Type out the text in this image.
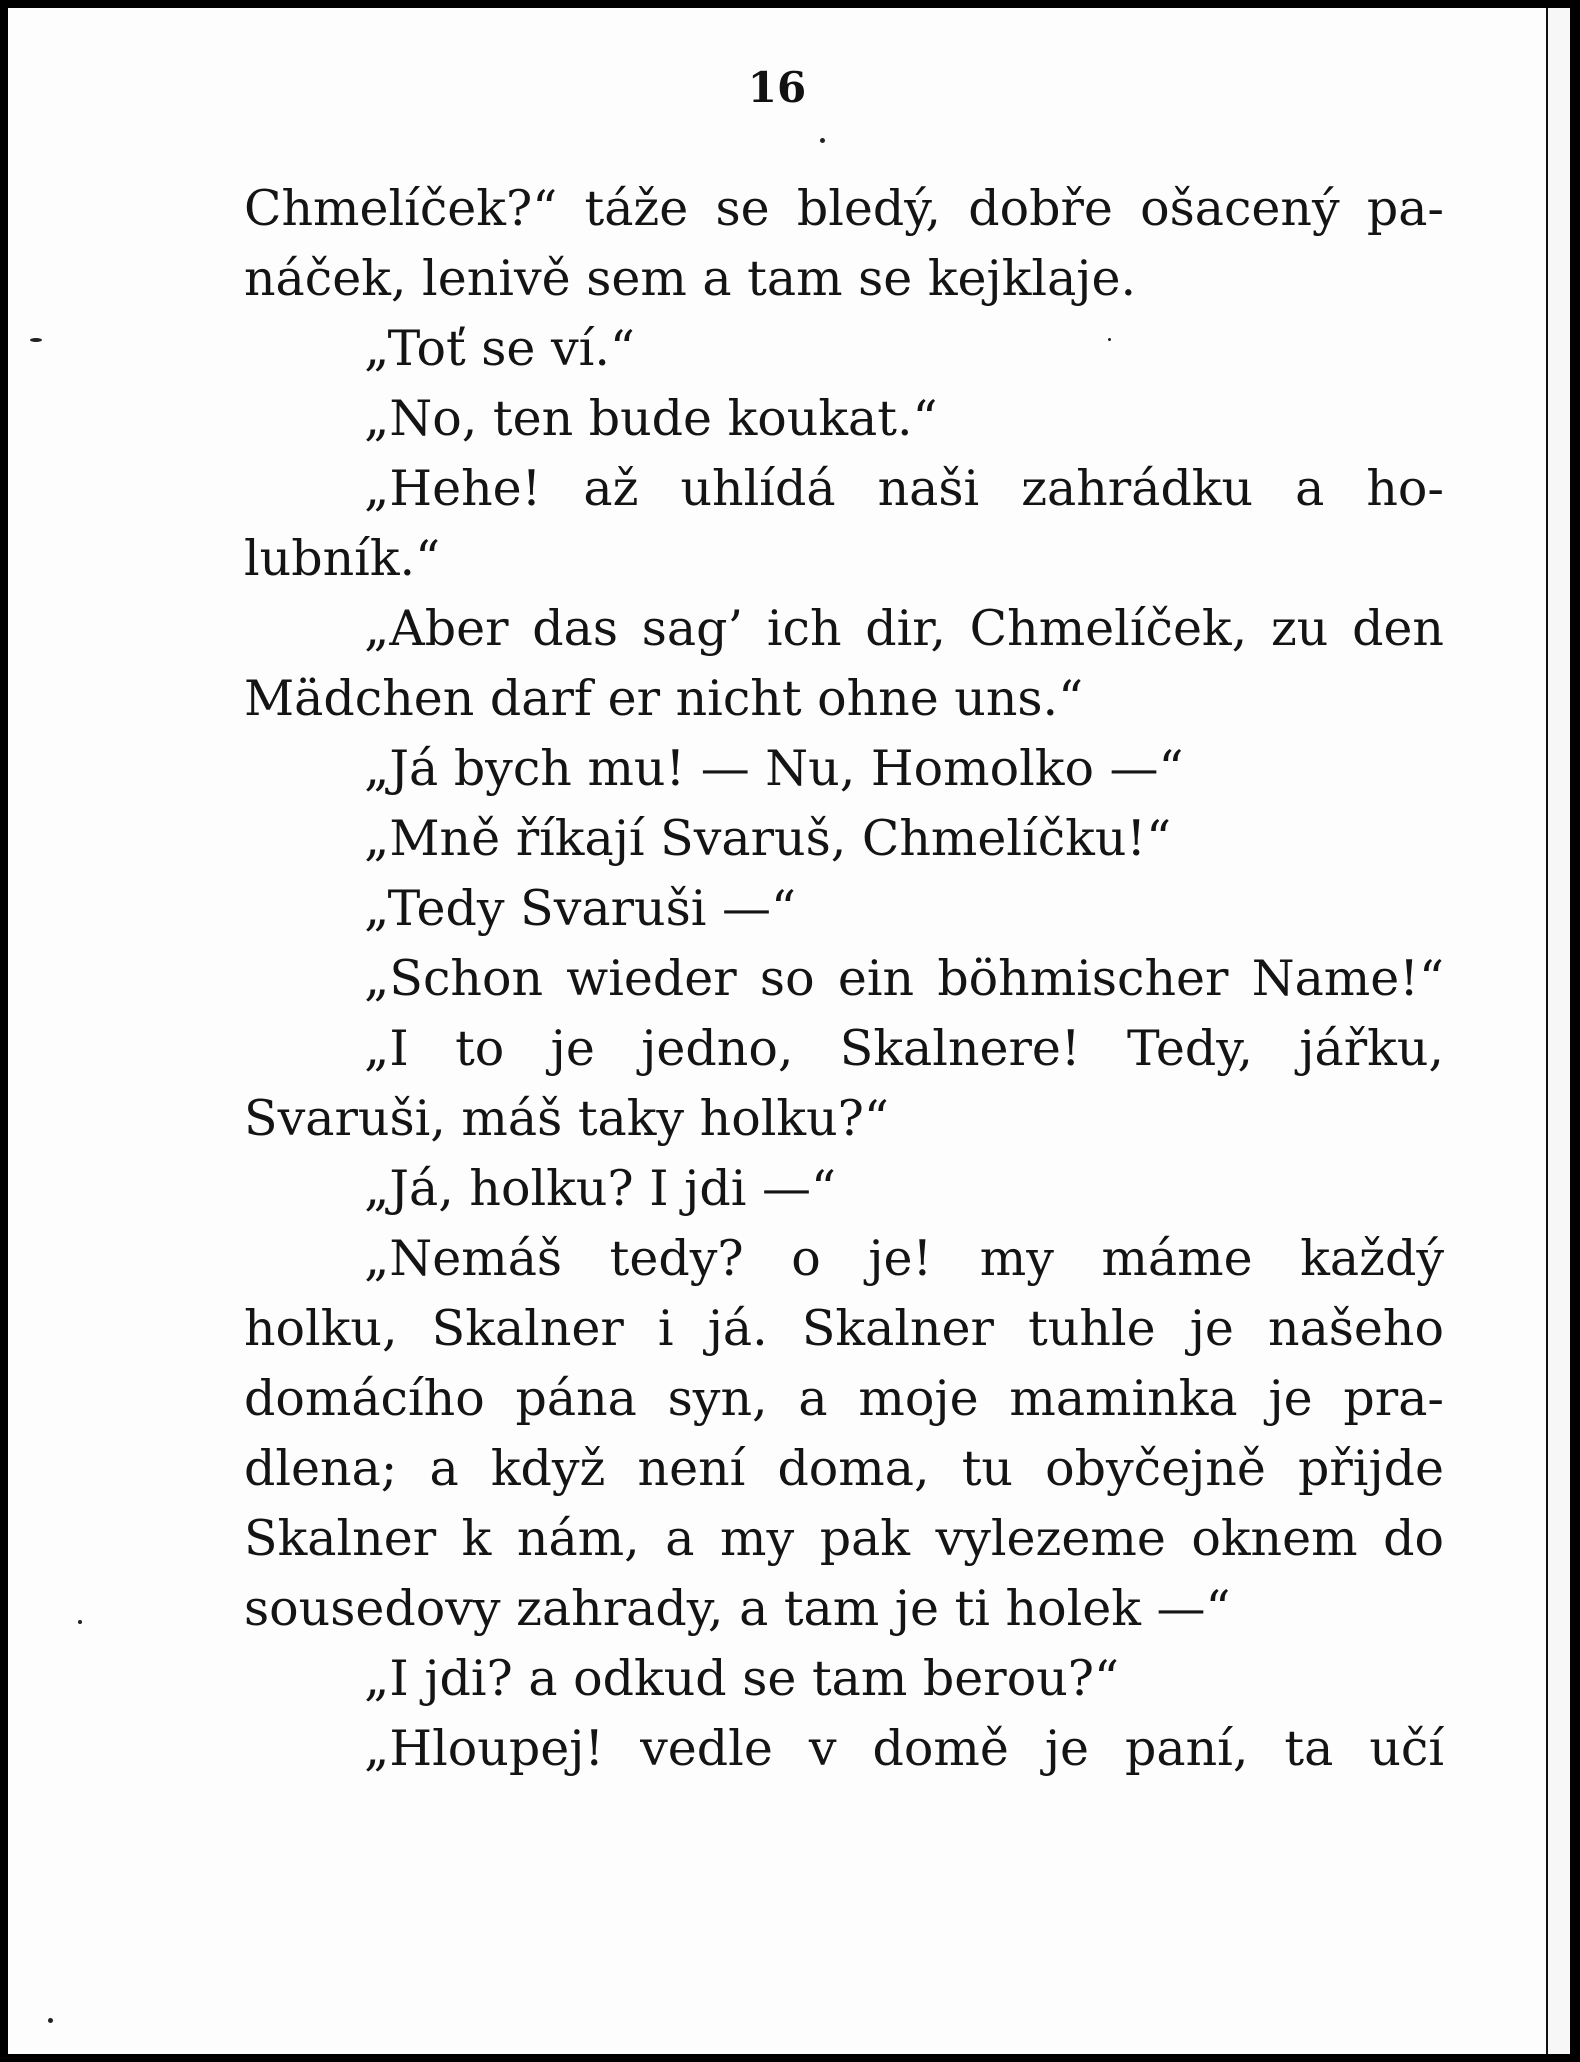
16
Chmelíček?“ táže se bledý, dobře ošacený pa-
náček, lenivě sem a tam se kejklaje.
„Toť se ví.“
„No, ten bude koukat.“
„Hehe! až uhlídá naši zahrádku a ho-
lubník.“
„Aber das sag’ ich dir, Chmelíček, zu den
Mädchen darf er nicht ohne uns.“
„Já bych mu! — Nu, Homolko —“
„Mně říkají Svaruš, Chmelíčku!“
„Tedy Svaruši —“
„Schon wieder so ein böhmischer Name!“
„I to je jedno, Skalnere! Tedy, jářku,
Svaruši, máš taky holku?“
„Já, holku? I jdi —“
„Nemáš tedy? o je! my máme každý
holku, Skalner i já. Skalner tuhle je našeho
domácího pána syn, a moje maminka je pra-
dlena; a když není doma, tu obyčejně přijde
Skalner k nám, a my pak vylezeme oknem do
sousedovy zahrady, a tam je ti holek —“
„I jdi? a odkud se tam berou?“
„Hloupej! vedle v domě je paní, ta učí
